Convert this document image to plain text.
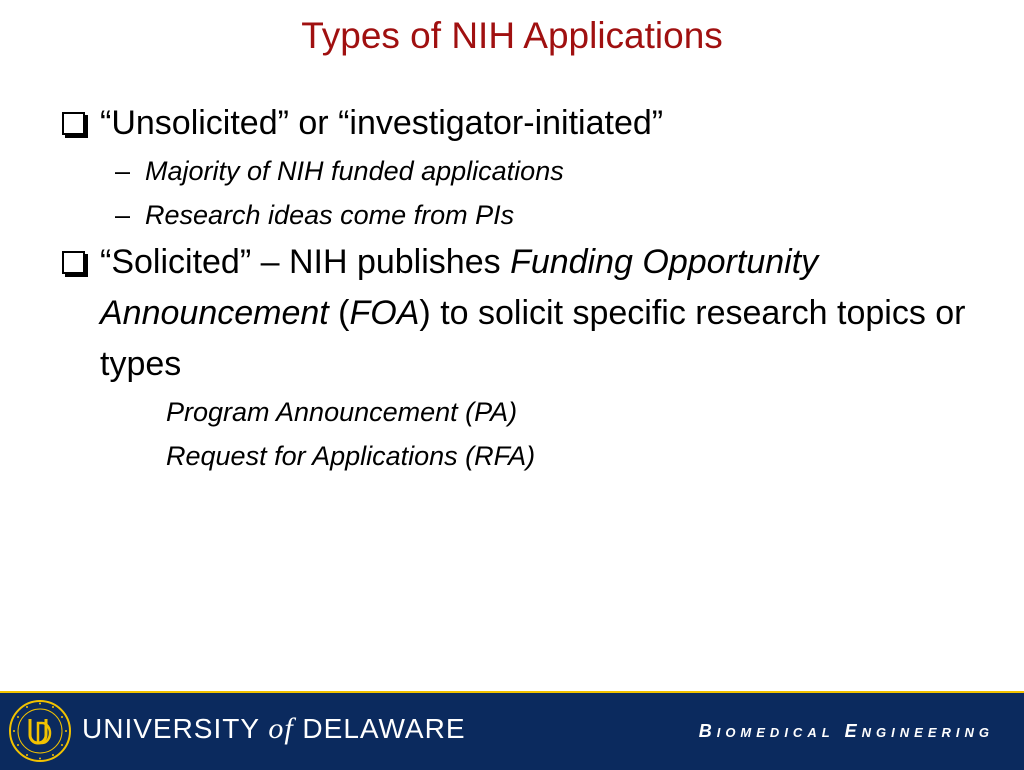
Types of NIH Applications
“Unsolicited” or “investigator-initiated”
– Majority of NIH funded applications
– Research ideas come from PIs
“Solicited” – NIH publishes Funding Opportunity Announcement (FOA) to solicit specific research topics or types
Program Announcement (PA)
Request for Applications (RFA)
UNIVERSITY of DELAWARE	Biomedical Engineering
